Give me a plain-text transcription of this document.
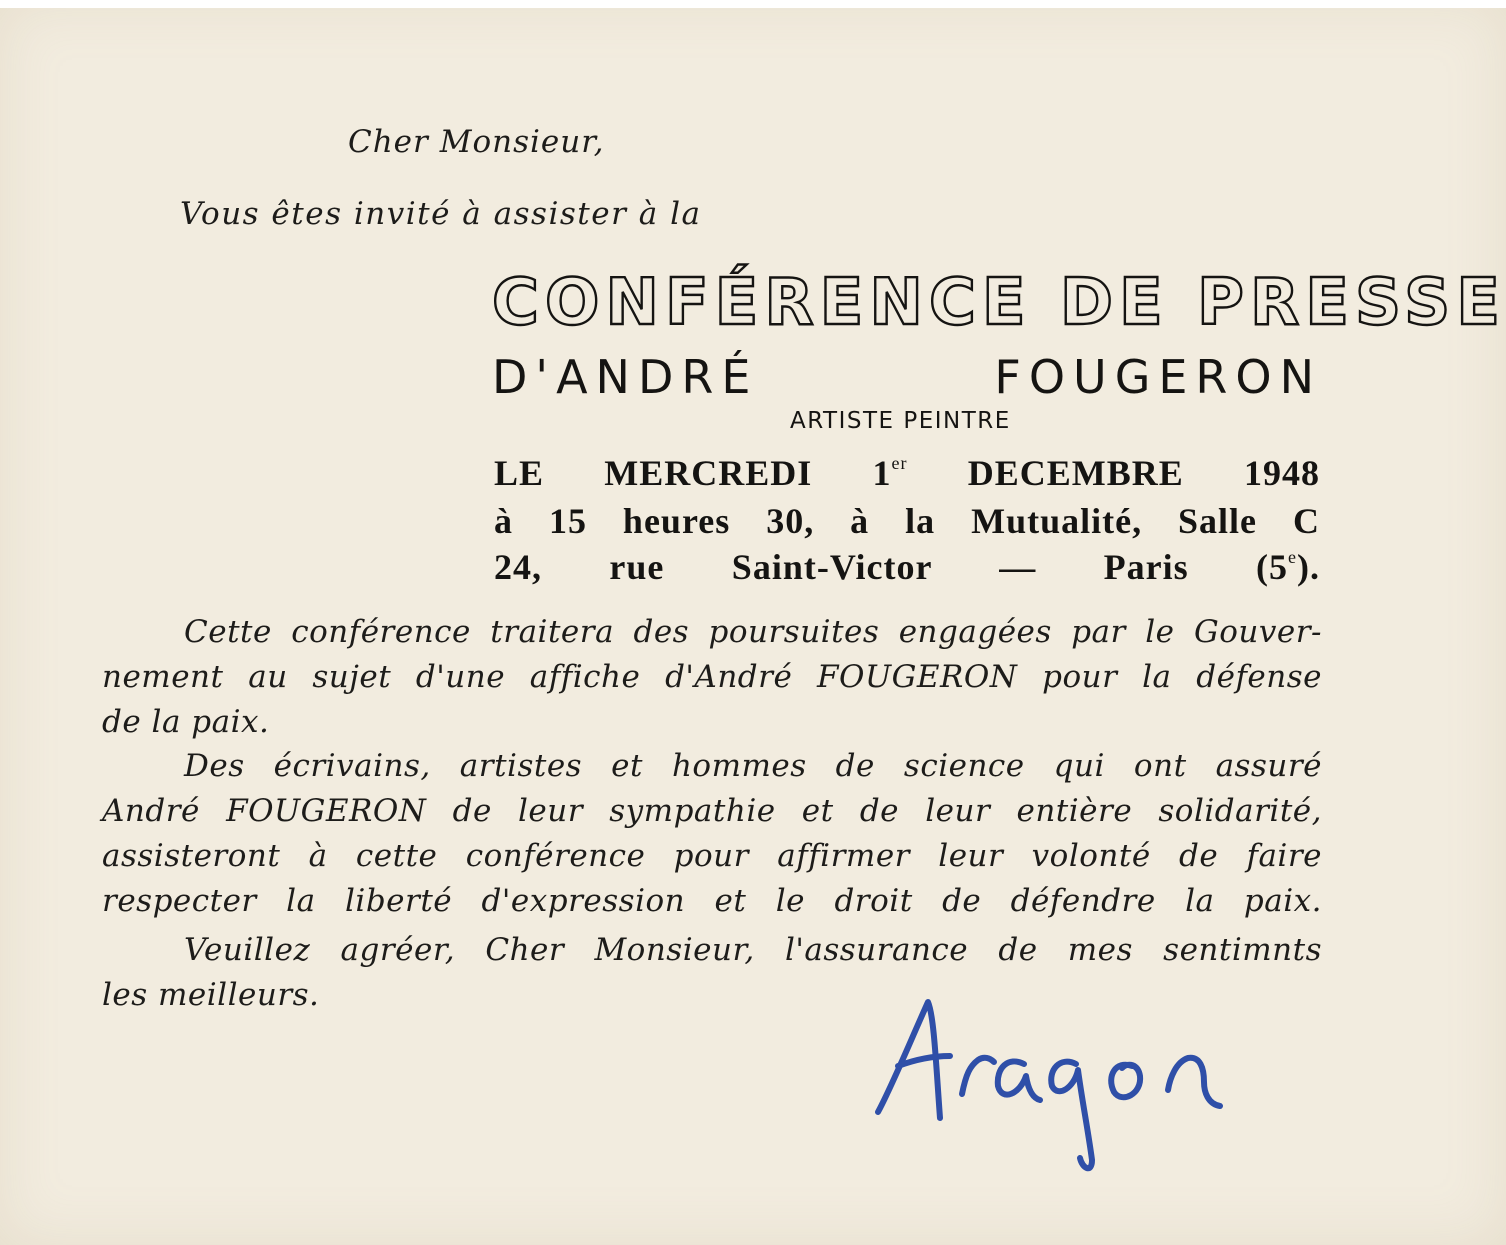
Cher Monsieur,

Vous êtes invité à assister à la

CONFÉRENCE DE PRESSE

D'ANDRÉ FOUGERON

ARTISTE PEINTRE

LE MERCREDI 1er DECEMBRE 1948

à 15 heures 30, à la Mutualité, Salle C

24, rue Saint-Victor — Paris (5e).

Cette conférence traitera des poursuites engagées par le Gouver-
nement au sujet d'une affiche d'André FOUGERON pour la défense
de la paix.
Des écrivains, artistes et hommes de science qui ont assuré
André FOUGERON de leur sympathie et de leur entière solidarité,
assisteront à cette conférence pour affirmer leur volonté de faire
respecter la liberté d'expression et le droit de défendre la paix.
Veuillez agréer, Cher Monsieur, l'assurance de mes sentimnts
les meilleurs.
